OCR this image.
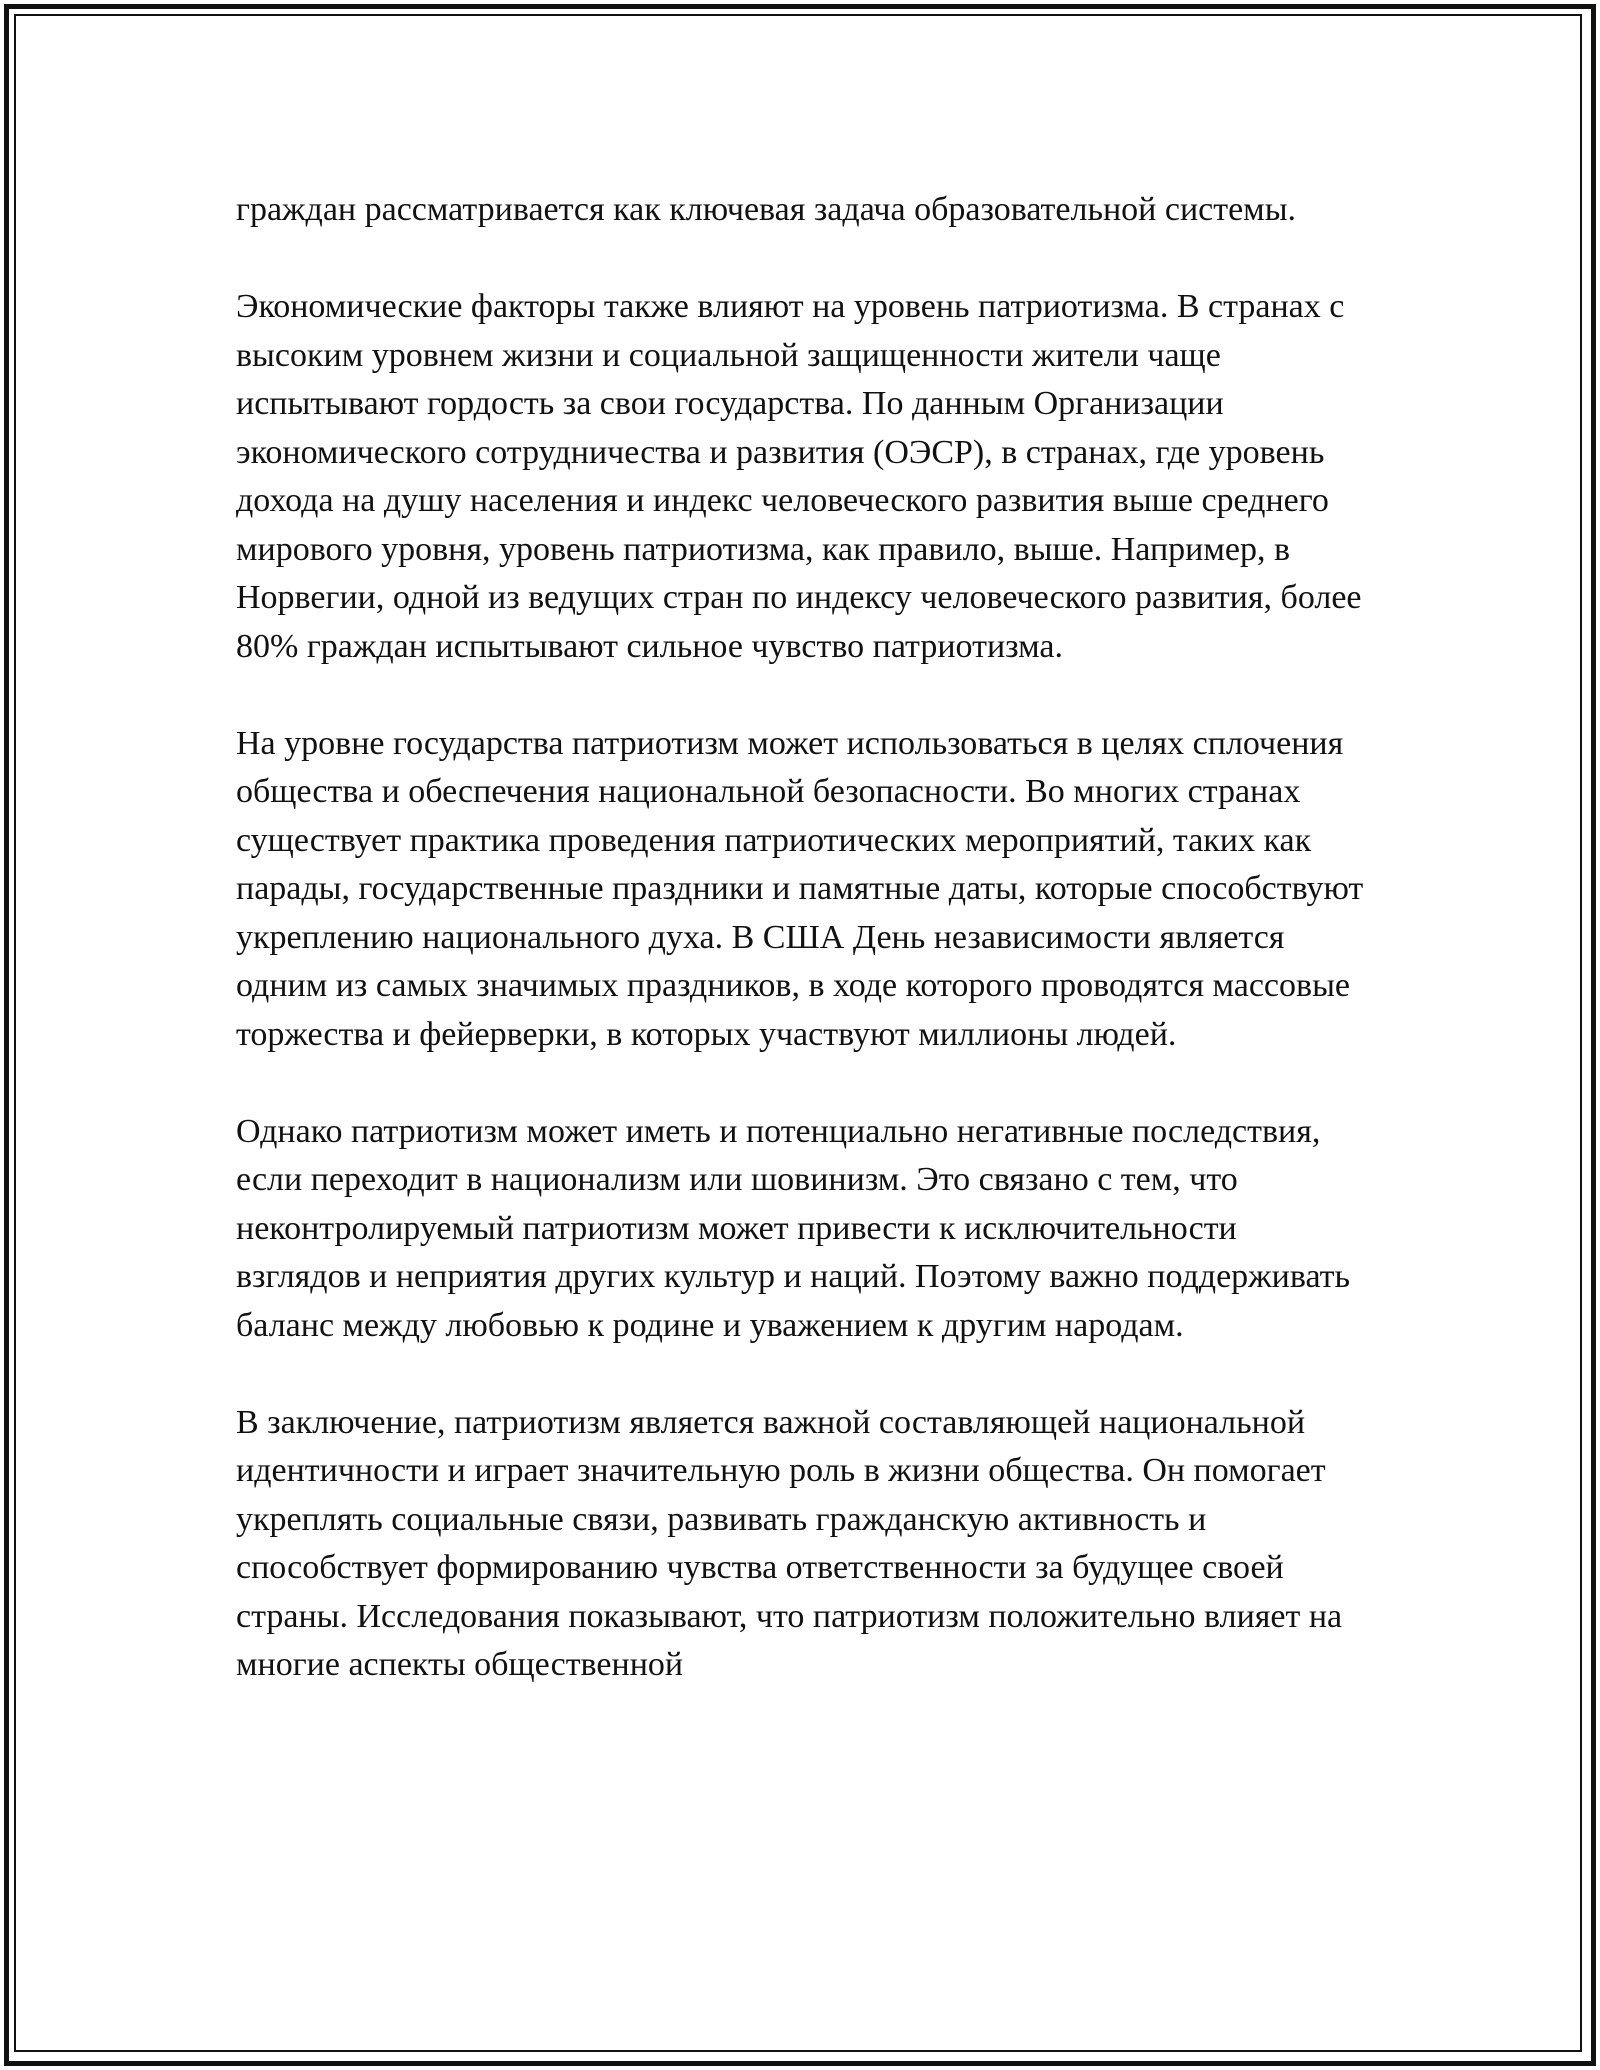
граждан рассматривается как ключевая задача образовательной системы.

Экономические факторы также влияют на уровень патриотизма. В странах с высоким уровнем жизни и социальной защищенности жители чаще испытывают гордость за свои государства. По данным Организации экономического сотрудничества и развития (ОЭСР), в странах, где уровень дохода на душу населения и индекс человеческого развития выше среднего мирового уровня, уровень патриотизма, как правило, выше. Например, в Норвегии, одной из ведущих стран по индексу человеческого развития, более 80% граждан испытывают сильное чувство патриотизма.

На уровне государства патриотизм может использоваться в целях сплочения общества и обеспечения национальной безопасности. Во многих странах существует практика проведения патриотических мероприятий, таких как парады, государственные праздники и памятные даты, которые способствуют укреплению национального духа. В США День независимости является одним из самых значимых праздников, в ходе которого проводятся массовые торжества и фейерверки, в которых участвуют миллионы людей.

Однако патриотизм может иметь и потенциально негативные последствия, если переходит в национализм или шовинизм. Это связано с тем, что неконтролируемый патриотизм может привести к исключительности взглядов и неприятия других культур и наций. Поэтому важно поддерживать баланс между любовью к родине и уважением к другим народам.

В заключение, патриотизм является важной составляющей национальной идентичности и играет значительную роль в жизни общества. Он помогает укреплять социальные связи, развивать гражданскую активность и способствует формированию чувства ответственности за будущее своей страны. Исследования показывают, что патриотизм положительно влияет на многие аспекты общественной
